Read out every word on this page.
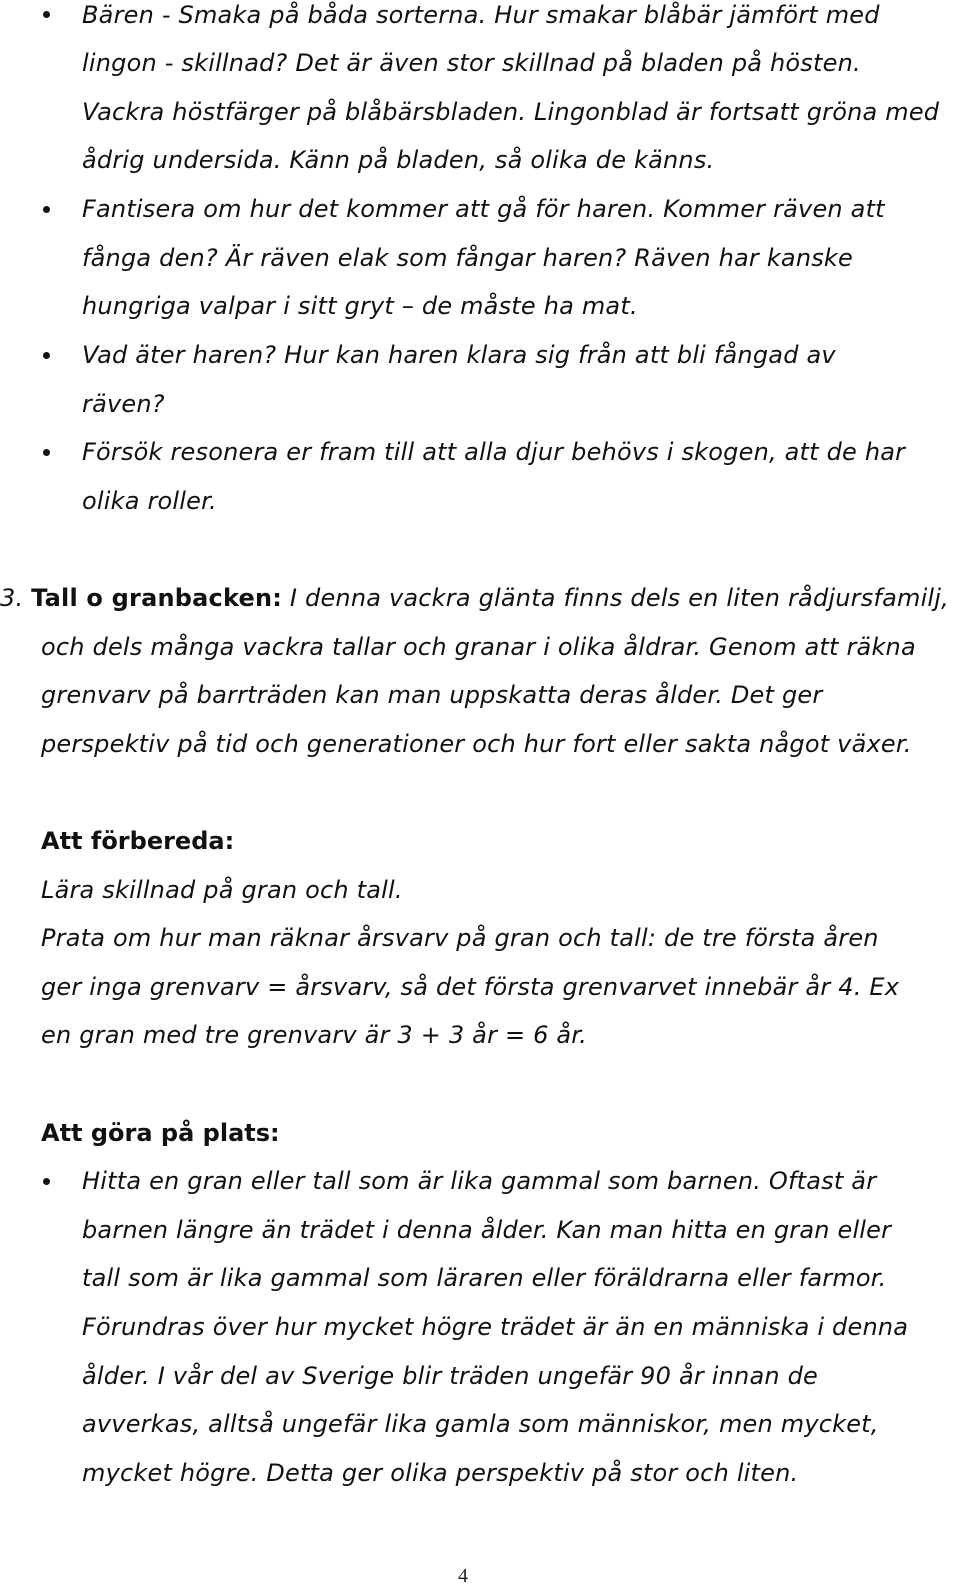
Bären - Smaka på båda sorterna. Hur smakar blåbär jämfört med
lingon - skillnad? Det är även stor skillnad på bladen på hösten.
Vackra höstfärger på blåbärsbladen. Lingonblad är fortsatt gröna med
ådrig undersida. Känn på bladen, så olika de känns.
Fantisera om hur det kommer att gå för haren. Kommer räven att
fånga den? Är räven elak som fångar haren? Räven har kanske
hungriga valpar i sitt gryt – de måste ha mat.
Vad äter haren? Hur kan haren klara sig från att bli fångad av
räven?
Försök resonera er fram till att alla djur behövs i skogen, att de har
olika roller.
3. Tall o granbacken: I denna vackra glänta finns dels en liten rådjursfamilj,
och dels många vackra tallar och granar i olika åldrar. Genom att räkna
grenvarv på barrträden kan man uppskatta deras ålder. Det ger
perspektiv på tid och generationer och hur fort eller sakta något växer.
Att förbereda:
Lära skillnad på gran och tall.
Prata om hur man räknar årsvarv på gran och tall: de tre första åren
ger inga grenvarv = årsvarv, så det första grenvarvet innebär år 4. Ex
en gran med tre grenvarv är 3 + 3 år = 6 år.
Att göra på plats:
Hitta en gran eller tall som är lika gammal som barnen. Oftast är
barnen längre än trädet i denna ålder. Kan man hitta en gran eller
tall som är lika gammal som läraren eller föräldrarna eller farmor.
Förundras över hur mycket högre trädet är än en människa i denna
ålder. I vår del av Sverige blir träden ungefär 90 år innan de
avverkas, alltså ungefär lika gamla som människor, men mycket,
mycket högre. Detta ger olika perspektiv på stor och liten.
4
